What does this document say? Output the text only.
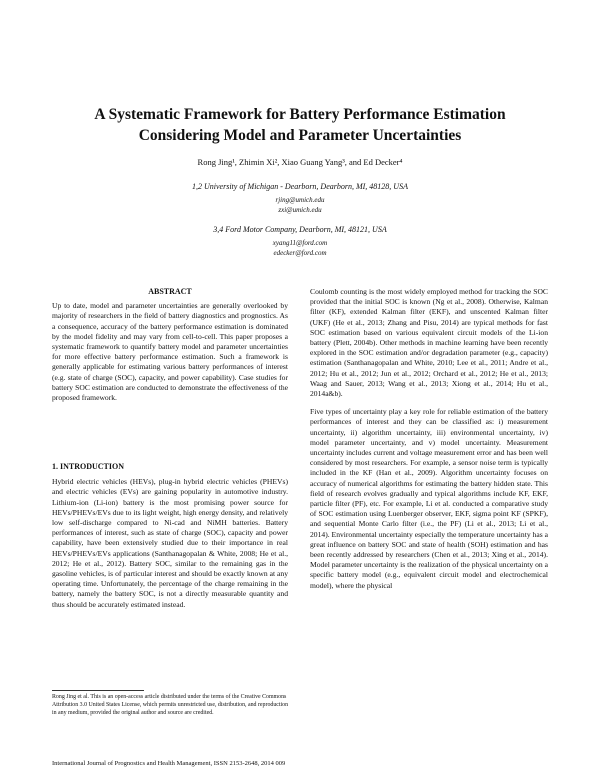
A Systematic Framework for Battery Performance Estimation
Considering Model and Parameter Uncertainties
Rong Jing¹, Zhimin Xi², Xiao Guang Yang³, and Ed Decker⁴
1,2 University of Michigan - Dearborn, Dearborn, MI, 48128, USA
rjing@umich.edu
zxi@umich.edu
3,4 Ford Motor Company, Dearborn, MI, 48121, USA
xyang11@ford.com
edecker@ford.com

ABSTRACT

Up to date, model and parameter uncertainties are generally overlooked by majority of researchers in the field of battery diagnostics and prognostics. As a consequence, accuracy of the battery performance estimation is dominated by the model fidelity and may vary from cell-to-cell. This paper proposes a systematic framework to quantify battery model and parameter uncertainties for more effective battery performance estimation. Such a framework is generally applicable for estimating various battery performances of interest (e.g. state of charge (SOC), capacity, and power capability). Case studies for battery SOC estimation are conducted to demonstrate the effectiveness of the proposed framework.

1. INTRODUCTION

Hybrid electric vehicles (HEVs), plug-in hybrid electric vehicles (PHEVs) and electric vehicles (EVs) are gaining popularity in automotive industry. Lithium-ion (Li-ion) battery is the most promising power source for HEVs/PHEVs/EVs due to its light weight, high energy density, and relatively low self-discharge compared to Ni-cad and NiMH batteries. Battery performances of interest, such as state of charge (SOC), capacity and power capability, have been extensively studied due to their importance in real HEVs/PHEVs/EVs applications (Santhanagopalan & White, 2008; He et al., 2012; He et al., 2012). Battery SOC, similar to the remaining gas in the gasoline vehicles, is of particular interest and should be exactly known at any operating time. Unfortunately, the percentage of the charge remaining in the battery, namely the battery SOC, is not a directly measurable quantity and thus should be accurately estimated instead.

Rong Jing et al. This is an open-access article distributed under the terms of the Creative Commons Attribution 3.0 United States License, which permits unrestricted use, distribution, and reproduction in any medium, provided the original author and source are credited.

Coulomb counting is the most widely employed method for tracking the SOC provided that the initial SOC is known (Ng et al., 2008). Otherwise, Kalman filter (KF), extended Kalman filter (EKF), and unscented Kalman filter (UKF) (He et al., 2013; Zhang and Pisu, 2014) are typical methods for fast SOC estimation based on various equivalent circuit models of the Li-ion battery (Plett, 2004b). Other methods in machine learning have been recently explored in the SOC estimation and/or degradation parameter (e.g., capacity) estimation (Santhanagopalan and White, 2010; Lee et al., 2011; Andre et al., 2012; Hu et al., 2012; Jun et al., 2012; Orchard et al., 2012; He et al., 2013; Waag and Sauer, 2013; Wang et al., 2013; Xiong et al., 2014; Hu et al., 2014a&b).

Five types of uncertainty play a key role for reliable estimation of the battery performances of interest and they can be classified as: i) measurement uncertainty, ii) algorithm uncertainty, iii) environmental uncertainty, iv) model parameter uncertainty, and v) model uncertainty. Measurement uncertainty includes current and voltage measurement error and has been well considered by most researchers. For example, a sensor noise term is typically included in the KF (Han et al., 2009). Algorithm uncertainty focuses on accuracy of numerical algorithms for estimating the battery hidden state. This field of research evolves gradually and typical algorithms include KF, EKF, particle filter (PF), etc. For example, Li et al. conducted a comparative study of SOC estimation using Luenberger observer, EKF, sigma point KF (SPKF), and sequential Monte Carlo filter (i.e., the PF) (Li et al., 2013; Li et al., 2014). Environmental uncertainty especially the temperature uncertainty has a great influence on battery SOC and state of health (SOH) estimation and has been recently addressed by researchers (Chen et al., 2013; Xing et al., 2014). Model parameter uncertainty is the realization of the physical uncertainty on a specific battery model (e.g., equivalent circuit model and electrochemical model), where the physical

International Journal of Prognostics and Health Management, ISSN 2153-2648, 2014 009
